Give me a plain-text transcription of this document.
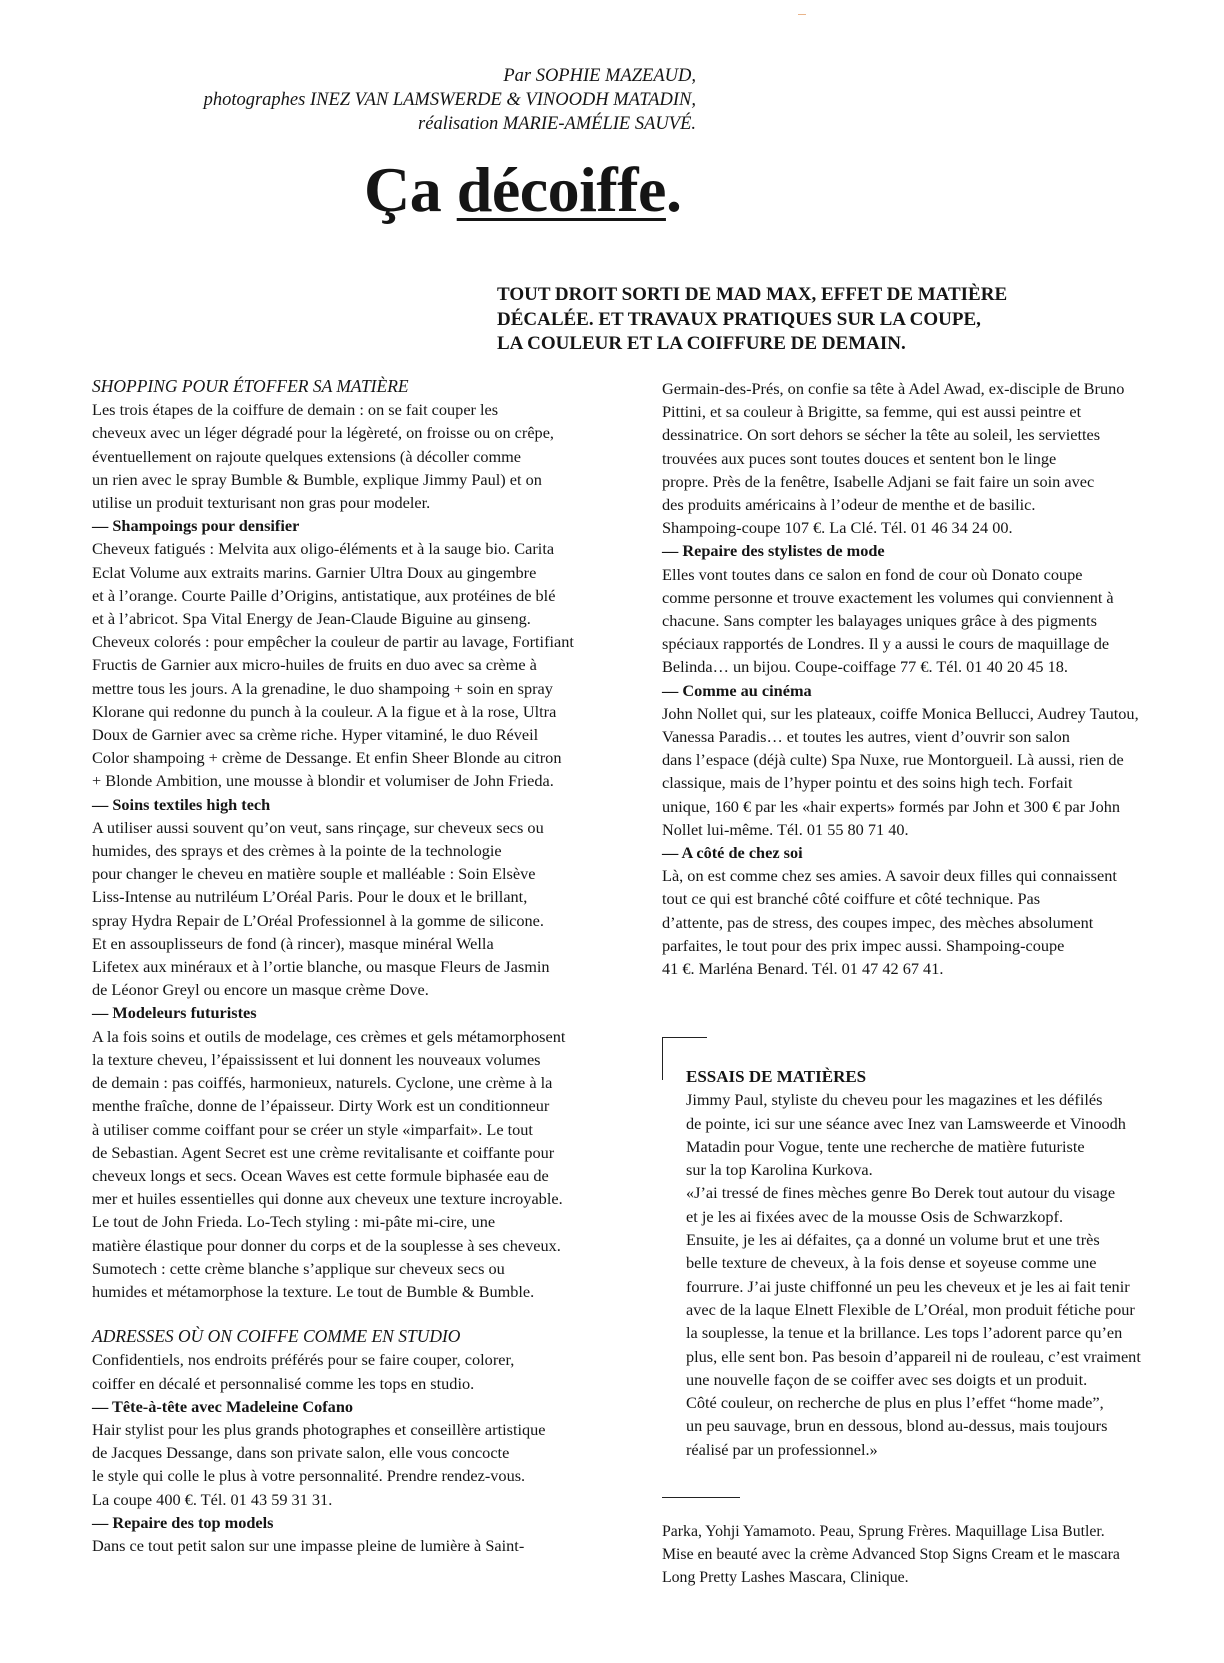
Par SOPHIE MAZEAUD,
photographes INEZ VAN LAMSWERDE & VINOODH MATADIN,
réalisation MARIE-AMÉLIE SAUVÉ.
Ça décoiffe.
TOUT DROIT SORTI DE MAD MAX, EFFET DE MATIÈRE
DÉCALÉE. ET TRAVAUX PRATIQUES SUR LA COUPE,
LA COULEUR ET LA COIFFURE DE DEMAIN.
SHOPPING POUR ÉTOFFER SA MATIÈRE
Les trois étapes de la coiffure de demain : on se fait couper les
cheveux avec un léger dégradé pour la légèreté, on froisse ou on crêpe,
éventuellement on rajoute quelques extensions (à décoller comme
un rien avec le spray Bumble & Bumble, explique Jimmy Paul) et on
utilise un produit texturisant non gras pour modeler.
— Shampoings pour densifier
Cheveux fatigués : Melvita aux oligo-éléments et à la sauge bio. Carita
Eclat Volume aux extraits marins. Garnier Ultra Doux au gingembre
et à l’orange. Courte Paille d’Origins, antistatique, aux protéines de blé
et à l’abricot. Spa Vital Energy de Jean-Claude Biguine au ginseng.
Cheveux colorés : pour empêcher la couleur de partir au lavage, Fortifiant
Fructis de Garnier aux micro-huiles de fruits en duo avec sa crème à
mettre tous les jours. A la grenadine, le duo shampoing + soin en spray
Klorane qui redonne du punch à la couleur. A la figue et à la rose, Ultra
Doux de Garnier avec sa crème riche. Hyper vitaminé, le duo Réveil
Color shampoing + crème de Dessange. Et enfin Sheer Blonde au citron
+ Blonde Ambition, une mousse à blondir et volumiser de John Frieda.
— Soins textiles high tech
A utiliser aussi souvent qu’on veut, sans rinçage, sur cheveux secs ou
humides, des sprays et des crèmes à la pointe de la technologie
pour changer le cheveu en matière souple et malléable : Soin Elsève
Liss-Intense au nutriléum L’Oréal Paris. Pour le doux et le brillant,
spray Hydra Repair de L’Oréal Professionnel à la gomme de silicone.
Et en assouplisseurs de fond (à rincer), masque minéral Wella
Lifetex aux minéraux et à l’ortie blanche, ou masque Fleurs de Jasmin
de Léonor Greyl ou encore un masque crème Dove.
— Modeleurs futuristes
A la fois soins et outils de modelage, ces crèmes et gels métamorphosent
la texture cheveu, l’épaississent et lui donnent les nouveaux volumes
de demain : pas coiffés, harmonieux, naturels. Cyclone, une crème à la
menthe fraîche, donne de l’épaisseur. Dirty Work est un conditionneur
à utiliser comme coiffant pour se créer un style «imparfait». Le tout
de Sebastian. Agent Secret est une crème revitalisante et coiffante pour
cheveux longs et secs. Ocean Waves est cette formule biphasée eau de
mer et huiles essentielles qui donne aux cheveux une texture incroyable.
Le tout de John Frieda. Lo-Tech styling : mi-pâte mi-cire, une
matière élastique pour donner du corps et de la souplesse à ses cheveux.
Sumotech : cette crème blanche s’applique sur cheveux secs ou
humides et métamorphose la texture. Le tout de Bumble & Bumble.
ADRESSES OÙ ON COIFFE COMME EN STUDIO
Confidentiels, nos endroits préférés pour se faire couper, colorer,
coiffer en décalé et personnalisé comme les tops en studio.
— Tête-à-tête avec Madeleine Cofano
Hair stylist pour les plus grands photographes et conseillère artistique
de Jacques Dessange, dans son private salon, elle vous concocte
le style qui colle le plus à votre personnalité. Prendre rendez-vous.
La coupe 400 €. Tél. 01 43 59 31 31.
— Repaire des top models
Dans ce tout petit salon sur une impasse pleine de lumière à Saint-
Germain-des-Prés, on confie sa tête à Adel Awad, ex-disciple de Bruno
Pittini, et sa couleur à Brigitte, sa femme, qui est aussi peintre et
dessinatrice. On sort dehors se sécher la tête au soleil, les serviettes
trouvées aux puces sont toutes douces et sentent bon le linge
propre. Près de la fenêtre, Isabelle Adjani se fait faire un soin avec
des produits américains à l’odeur de menthe et de basilic.
Shampoing-coupe 107 €. La Clé. Tél. 01 46 34 24 00.
— Repaire des stylistes de mode
Elles vont toutes dans ce salon en fond de cour où Donato coupe
comme personne et trouve exactement les volumes qui conviennent à
chacune. Sans compter les balayages uniques grâce à des pigments
spéciaux rapportés de Londres. Il y a aussi le cours de maquillage de
Belinda… un bijou. Coupe-coiffage 77 €. Tél. 01 40 20 45 18.
— Comme au cinéma
John Nollet qui, sur les plateaux, coiffe Monica Bellucci, Audrey Tautou,
Vanessa Paradis… et toutes les autres, vient d’ouvrir son salon
dans l’espace (déjà culte) Spa Nuxe, rue Montorgueil. Là aussi, rien de
classique, mais de l’hyper pointu et des soins high tech. Forfait
unique, 160 € par les «hair experts» formés par John et 300 € par John
Nollet lui-même. Tél. 01 55 80 71 40.
— A côté de chez soi
Là, on est comme chez ses amies. A savoir deux filles qui connaissent
tout ce qui est branché côté coiffure et côté technique. Pas
d’attente, pas de stress, des coupes impec, des mèches absolument
parfaites, le tout pour des prix impec aussi. Shampoing-coupe
41 €. Marléna Benard. Tél. 01 47 42 67 41.
ESSAIS DE MATIÈRES
Jimmy Paul, styliste du cheveu pour les magazines et les défilés
de pointe, ici sur une séance avec Inez van Lamsweerde et Vinoodh
Matadin pour Vogue, tente une recherche de matière futuriste
sur la top Karolina Kurkova.
«J’ai tressé de fines mèches genre Bo Derek tout autour du visage
et je les ai fixées avec de la mousse Osis de Schwarzkopf.
Ensuite, je les ai défaites, ça a donné un volume brut et une très
belle texture de cheveux, à la fois dense et soyeuse comme une
fourrure. J’ai juste chiffonné un peu les cheveux et je les ai fait tenir
avec de la laque Elnett Flexible de L’Oréal, mon produit fétiche pour
la souplesse, la tenue et la brillance. Les tops l’adorent parce qu’en
plus, elle sent bon. Pas besoin d’appareil ni de rouleau, c’est vraiment
une nouvelle façon de se coiffer avec ses doigts et un produit.
Côté couleur, on recherche de plus en plus l’effet “home made”,
un peu sauvage, brun en dessous, blond au-dessus, mais toujours
réalisé par un professionnel.»
Parka, Yohji Yamamoto. Peau, Sprung Frères. Maquillage Lisa Butler.
Mise en beauté avec la crème Advanced Stop Signs Cream et le mascara
Long Pretty Lashes Mascara, Clinique.
